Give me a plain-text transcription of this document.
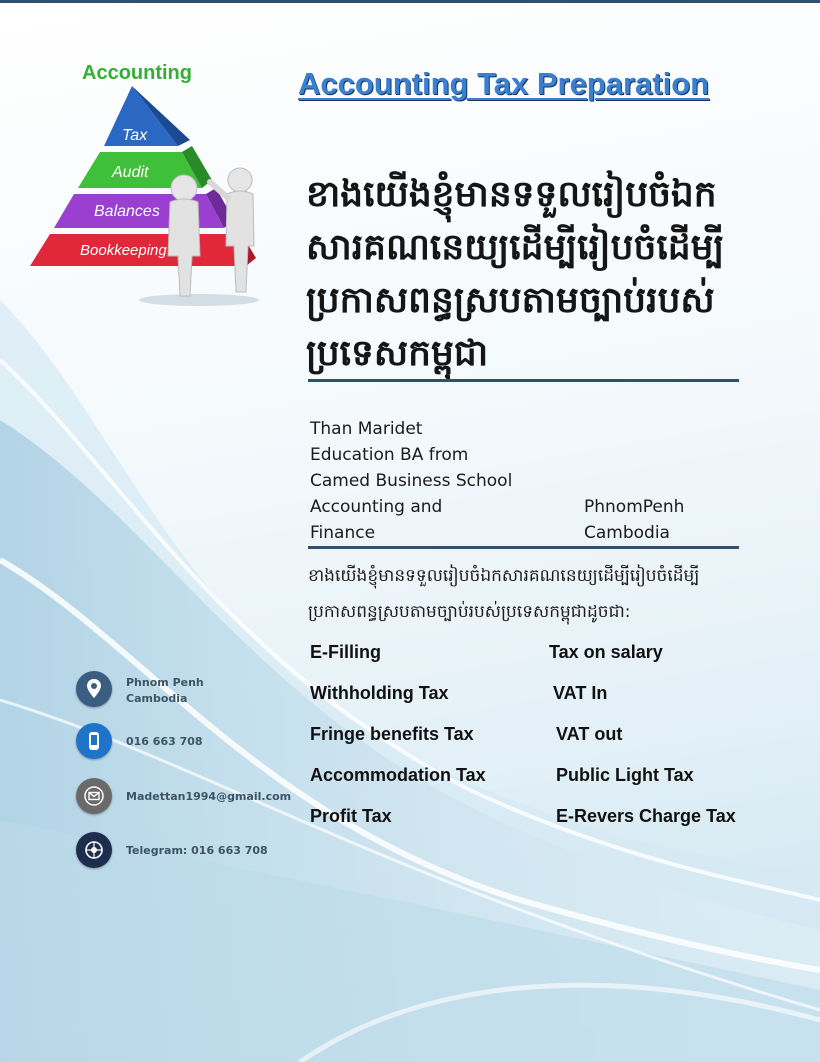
Accounting
Tax
Audit
Balances
Bookkeeping
Accounting Tax Preparation
ខាងយើងខ្ញុំមានទទួលរៀបចំឯក
សារគណនេយ្យដើម្បីរៀបចំដើម្បី
ប្រកាសពន្ធស្របតាមច្បាប់របស់
ប្រទេសកម្ពុជា
Than Maridet
Education BA from
Camed Business School
Accounting and
Finance
PhnomPenh
Cambodia
ខាងយើងខ្ញុំមានទទួលរៀបចំឯកសារគណនេយ្យដើម្បីរៀបចំដើម្បី
ប្រកាសពន្ធស្របតាមច្បាប់របស់ប្រទេសកម្ពុជាដូចជា:
E-Filling
Withholding Tax
Fringe benefits Tax
Accommodation Tax
Profit Tax
Tax on salary
VAT In
VAT out
Public Light Tax
E-Revers Charge Tax
Phnom Penh
Cambodia
016 663 708
Madettan1994@gmail.com
Telegram: 016 663 708
